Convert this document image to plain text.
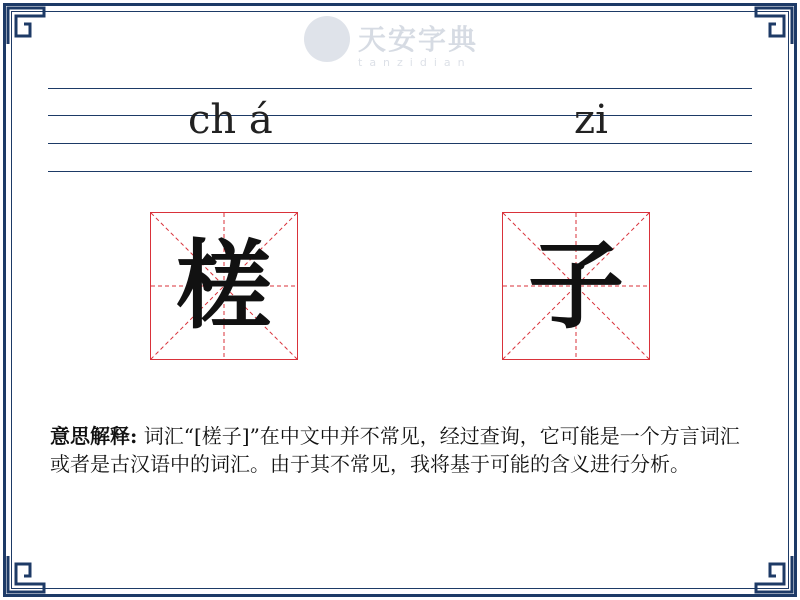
天安字典
tanzidian
ch á	zi
槎	子
意思解释: 词汇“[槎子]”在中文中并不常见，经过查询，它可能是一个方言词汇或者是古汉语中的词汇。由于其不常见，我将基于可能的含义进行分析。
